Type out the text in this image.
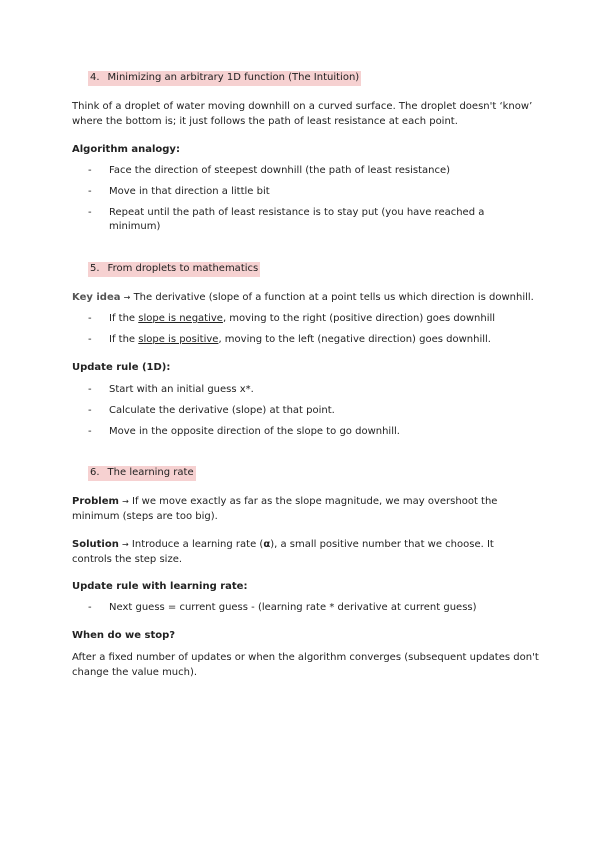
4. Minimizing an arbitrary 1D function (The Intuition)
Think of a droplet of water moving downhill on a curved surface. The droplet doesn't ‘know’ where the bottom is; it just follows the path of least resistance at each point.
Algorithm analogy:
- Face the direction of steepest downhill (the path of least resistance)
- Move in that direction a little bit
- Repeat until the path of least resistance is to stay put (you have reached a minimum)
5. From droplets to mathematics
Key idea → The derivative (slope of a function at a point tells us which direction is downhill.
- If the slope is negative, moving to the right (positive direction) goes downhill
- If the slope is positive, moving to the left (negative direction) goes downhill.
Update rule (1D):
- Start with an initial guess x*.
- Calculate the derivative (slope) at that point.
- Move in the opposite direction of the slope to go downhill.
6. The learning rate
Problem → If we move exactly as far as the slope magnitude, we may overshoot the minimum (steps are too big).
Solution → Introduce a learning rate (α), a small positive number that we choose. It controls the step size.
Update rule with learning rate:
- Next guess = current guess - (learning rate * derivative at current guess)
When do we stop?
After a fixed number of updates or when the algorithm converges (subsequent updates don't change the value much).
